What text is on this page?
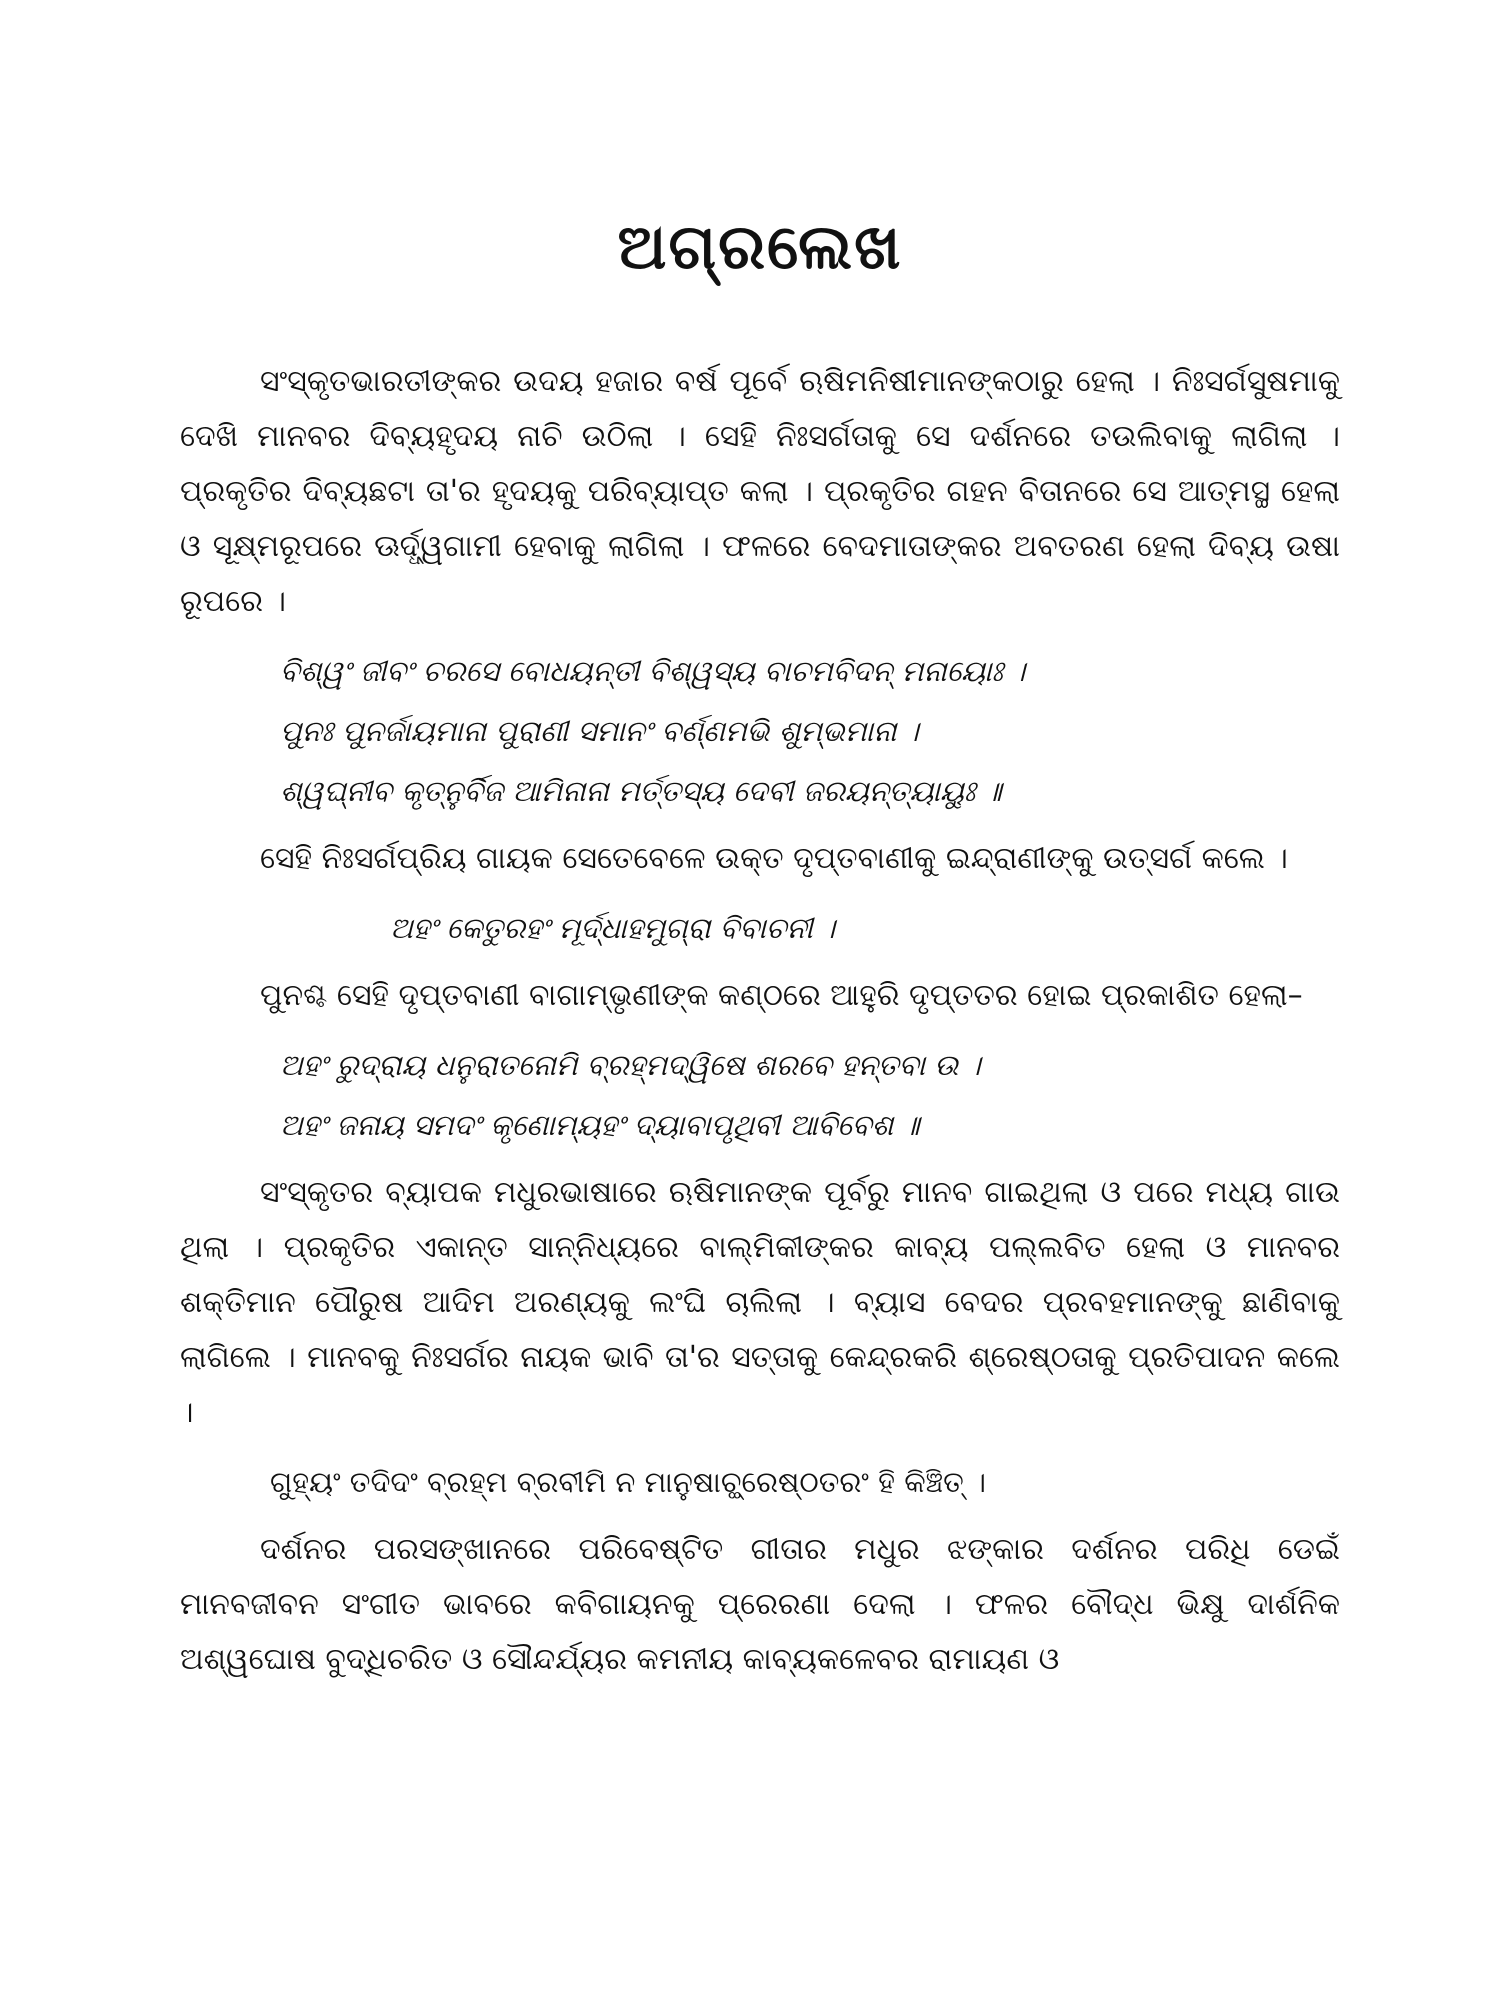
ଅଗ୍ରଲେଖ

ସଂସ୍କୃତଭାରତୀଙ୍କର ଉଦୟ ହଜାର ବର୍ଷ ପୂର୍ବେ ଋଷିମନିଷୀମାନଙ୍କଠାରୁ ହେଲା । ନିଃସର୍ଗସୁଷମାକୁ ଦେଖି ମାନବର ଦିବ୍ୟହୃଦୟ ନାଚି ଉଠିଲା । ସେହି ନିଃସର୍ଗତାକୁ ସେ ଦର୍ଶନରେ ତଉଲିବାକୁ ଲାଗିଲା । ପ୍ରକୃତିର ଦିବ୍ୟଛଟା ତା'ର ହୃଦୟକୁ ପରିବ୍ୟାପ୍ତ କଲା । ପ୍ରକୃତିର ଗହନ ବିତାନରେ ସେ ଆତ୍ମସ୍ଥ ହେଲା ଓ ସୂକ୍ଷ୍ମରୂପରେ ଊର୍ଦ୍ଧ୍ୱଗାମୀ ହେବାକୁ ଲାଗିଲା । ଫଳରେ ବେଦମାତାଙ୍କର ଅବତରଣ ହେଲା ଦିବ୍ୟ ଉଷା ରୂପରେ ।

ବିଶ୍ୱଂ ଜୀବଂ ଚରସେ ବୋଧୟନ୍ତୀ ବିଶ୍ୱସ୍ୟ ବାଚମବିଦନ୍ ମନାୟୋଃ ।

ପୁନଃ ପୁନର୍ଜାୟମାନା ପୁରାଣୀ ସମାନଂ ବର୍ଣ୍ଣମଭି ଶୁମ୍ଭମାନା ।

ଶ୍ୱଘ୍ନୀବ କୃତ୍ନୁର୍ବିଜ ଆମିନାନା ମର୍ତ୍ତସ୍ୟ ଦେବୀ ଜରୟନ୍ତ୍ୟାୟୁଃ ॥

ସେହି ନିଃସର୍ଗପ୍ରିୟ ଗାୟକ ସେତେବେଳେ ଉକ୍ତ ଦୃପ୍ତବାଣୀକୁ ଇନ୍ଦ୍ରାଣୀଙ୍କୁ ଉତ୍ସର୍ଗ କଲେ ।

ଅହଂ କେତୁରହଂ ମୂର୍ଦ୍ଧାହମୁଗ୍ରା ବିବାଚନୀ ।

ପୁନଶ୍ଚ ସେହି ଦୃପ୍ତବାଣୀ ବାଗାମ୍ଭୃଣୀଙ୍କ କଣ୍ଠରେ ଆହୁରି ଦୃପ୍ତତର ହୋଇ ପ୍ରକାଶିତ ହେଲା–

ଅହଂ ରୁଦ୍ରାୟ ଧନୁରାତନୋମି ବ୍ରହ୍ମଦ୍ୱିଷେ ଶରବେ ହନ୍ତବା ଉ ।

ଅହଂ ଜନାୟ ସମଦଂ କୃଣୋମ୍ୟହଂ ଦ୍ୟାବାପୃଥିବୀ ଆବିବେଶ ॥

ସଂସ୍କୃତର ବ୍ୟାପକ ମଧୁରଭାଷାରେ ଋଷିମାନଙ୍କ ପୂର୍ବରୁ ମାନବ ଗାଇଥିଲା ଓ ପରେ ମଧ୍ୟ ଗାଉ ଥିଲା । ପ୍ରକୃତିର ଏକାନ୍ତ ସାନ୍ନିଧ୍ୟରେ ବାଲ୍ମିକୀଙ୍କର କାବ୍ୟ ପଲ୍ଲବିତ ହେଲା ଓ ମାନବର ଶକ୍ତିମାନ ପୌରୁଷ ଆଦିମ ଅରଣ୍ୟକୁ ଲଂଘି ଚାଲିଲା । ବ୍ୟାସ ବେଦର ପ୍ରବହମାନଙ୍କୁ ଛାଣିବାକୁ ଲାଗିଲେ । ମାନବକୁ ନିଃସର୍ଗର ନାୟକ ଭାବି ତା'ର ସତ୍ତାକୁ କେନ୍ଦ୍ରକରି ଶ୍ରେଷ୍ଠତାକୁ ପ୍ରତିପାଦନ କଲେ ।

ଗୁହ୍ୟଂ ତଦିଦଂ ବ୍ରହ୍ମ ବ୍ରବୀମି ନ ମାନୁଷାଚ୍ଛ୍ରେଷ୍ଠତରଂ ହି କିଞ୍ଚିତ୍ ।

ଦର୍ଶନର ପରସଙ୍ଖାନରେ ପରିବେଷ୍ଟିତ ଗୀତାର ମଧୁର ଝଙ୍କାର ଦର୍ଶନର ପରିଧି ଡେଇଁ ମାନବଜୀବନ ସଂଗୀତ ଭାବରେ କବିଗାୟନକୁ ପ୍ରେରଣା ଦେଲା । ଫଳର ବୌଦ୍ଧ ଭିକ୍ଷୁ ଦାର୍ଶନିକ ଅଶ୍ୱଘୋଷ ବୁଦ୍ଧିଚରିତ ଓ ସୌନ୍ଦର୍ଯ୍ୟର କମନୀୟ କାବ୍ୟକଳେବର ରାମାୟଣ ଓ
